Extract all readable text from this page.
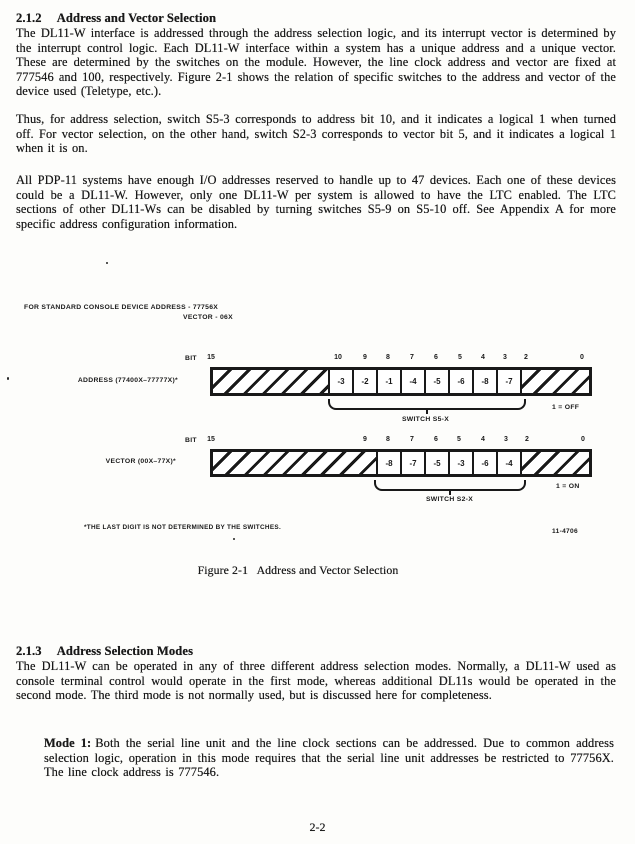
2.1.2 Address and Vector Selection

The DL11-W interface is addressed through the address selection logic, and its interrupt vector is determined by the interrupt control logic. Each DL11-W interface within a system has a unique address and a unique vector. These are determined by the switches on the module. However, the line clock address and vector are fixed at 777546 and 100, respectively. Figure 2-1 shows the relation of specific switches to the address and vector of the device used (Teletype, etc.).

Thus, for address selection, switch S5-3 corresponds to address bit 10, and it indicates a logical 1 when turned off. For vector selection, on the other hand, switch S2-3 corresponds to vector bit 5, and it indicates a logical 1 when it is on.

All PDP-11 systems have enough I/O addresses reserved to handle up to 47 devices. Each one of these devices could be a DL11-W. However, only one DL11-W per system is allowed to have the LTC enabled. The LTC sections of other DL11-Ws can be disabled by turning switches S5-9 on S5-10 off. See Appendix A for more specific address configuration information.

FOR STANDARD CONSOLE DEVICE ADDRESS - 77756X
VECTOR - 06X
BIT	15	10	9	8	7	6	5	4	3	2	0
ADDRESS (77400X–77777X)*	-3 -2 -1 -4 -5 -6 -8 -7
1 = OFF
SWITCH S5-X
BIT	15	9	8	7	6	5	4	3	2	0
VECTOR (00X–77X)*	-8 -7 -5 -3 -6 -4
1 = ON
SWITCH S2-X
*THE LAST DIGIT IS NOT DETERMINED BY THE SWITCHES.
11-4706
Figure 2-1   Address and Vector Selection
2.1.3 Address Selection Modes

The DL11-W can be operated in any of three different address selection modes. Normally, a DL11-W used as console terminal control would operate in the first mode, whereas additional DL11s would be operated in the second mode. The third mode is not normally used, but is discussed here for completeness.

Mode 1: Both the serial line unit and the line clock sections can be addressed. Due to common address selection logic, operation in this mode requires that the serial line unit addresses be restricted to 77756X. The line clock address is 777546.

2-2
